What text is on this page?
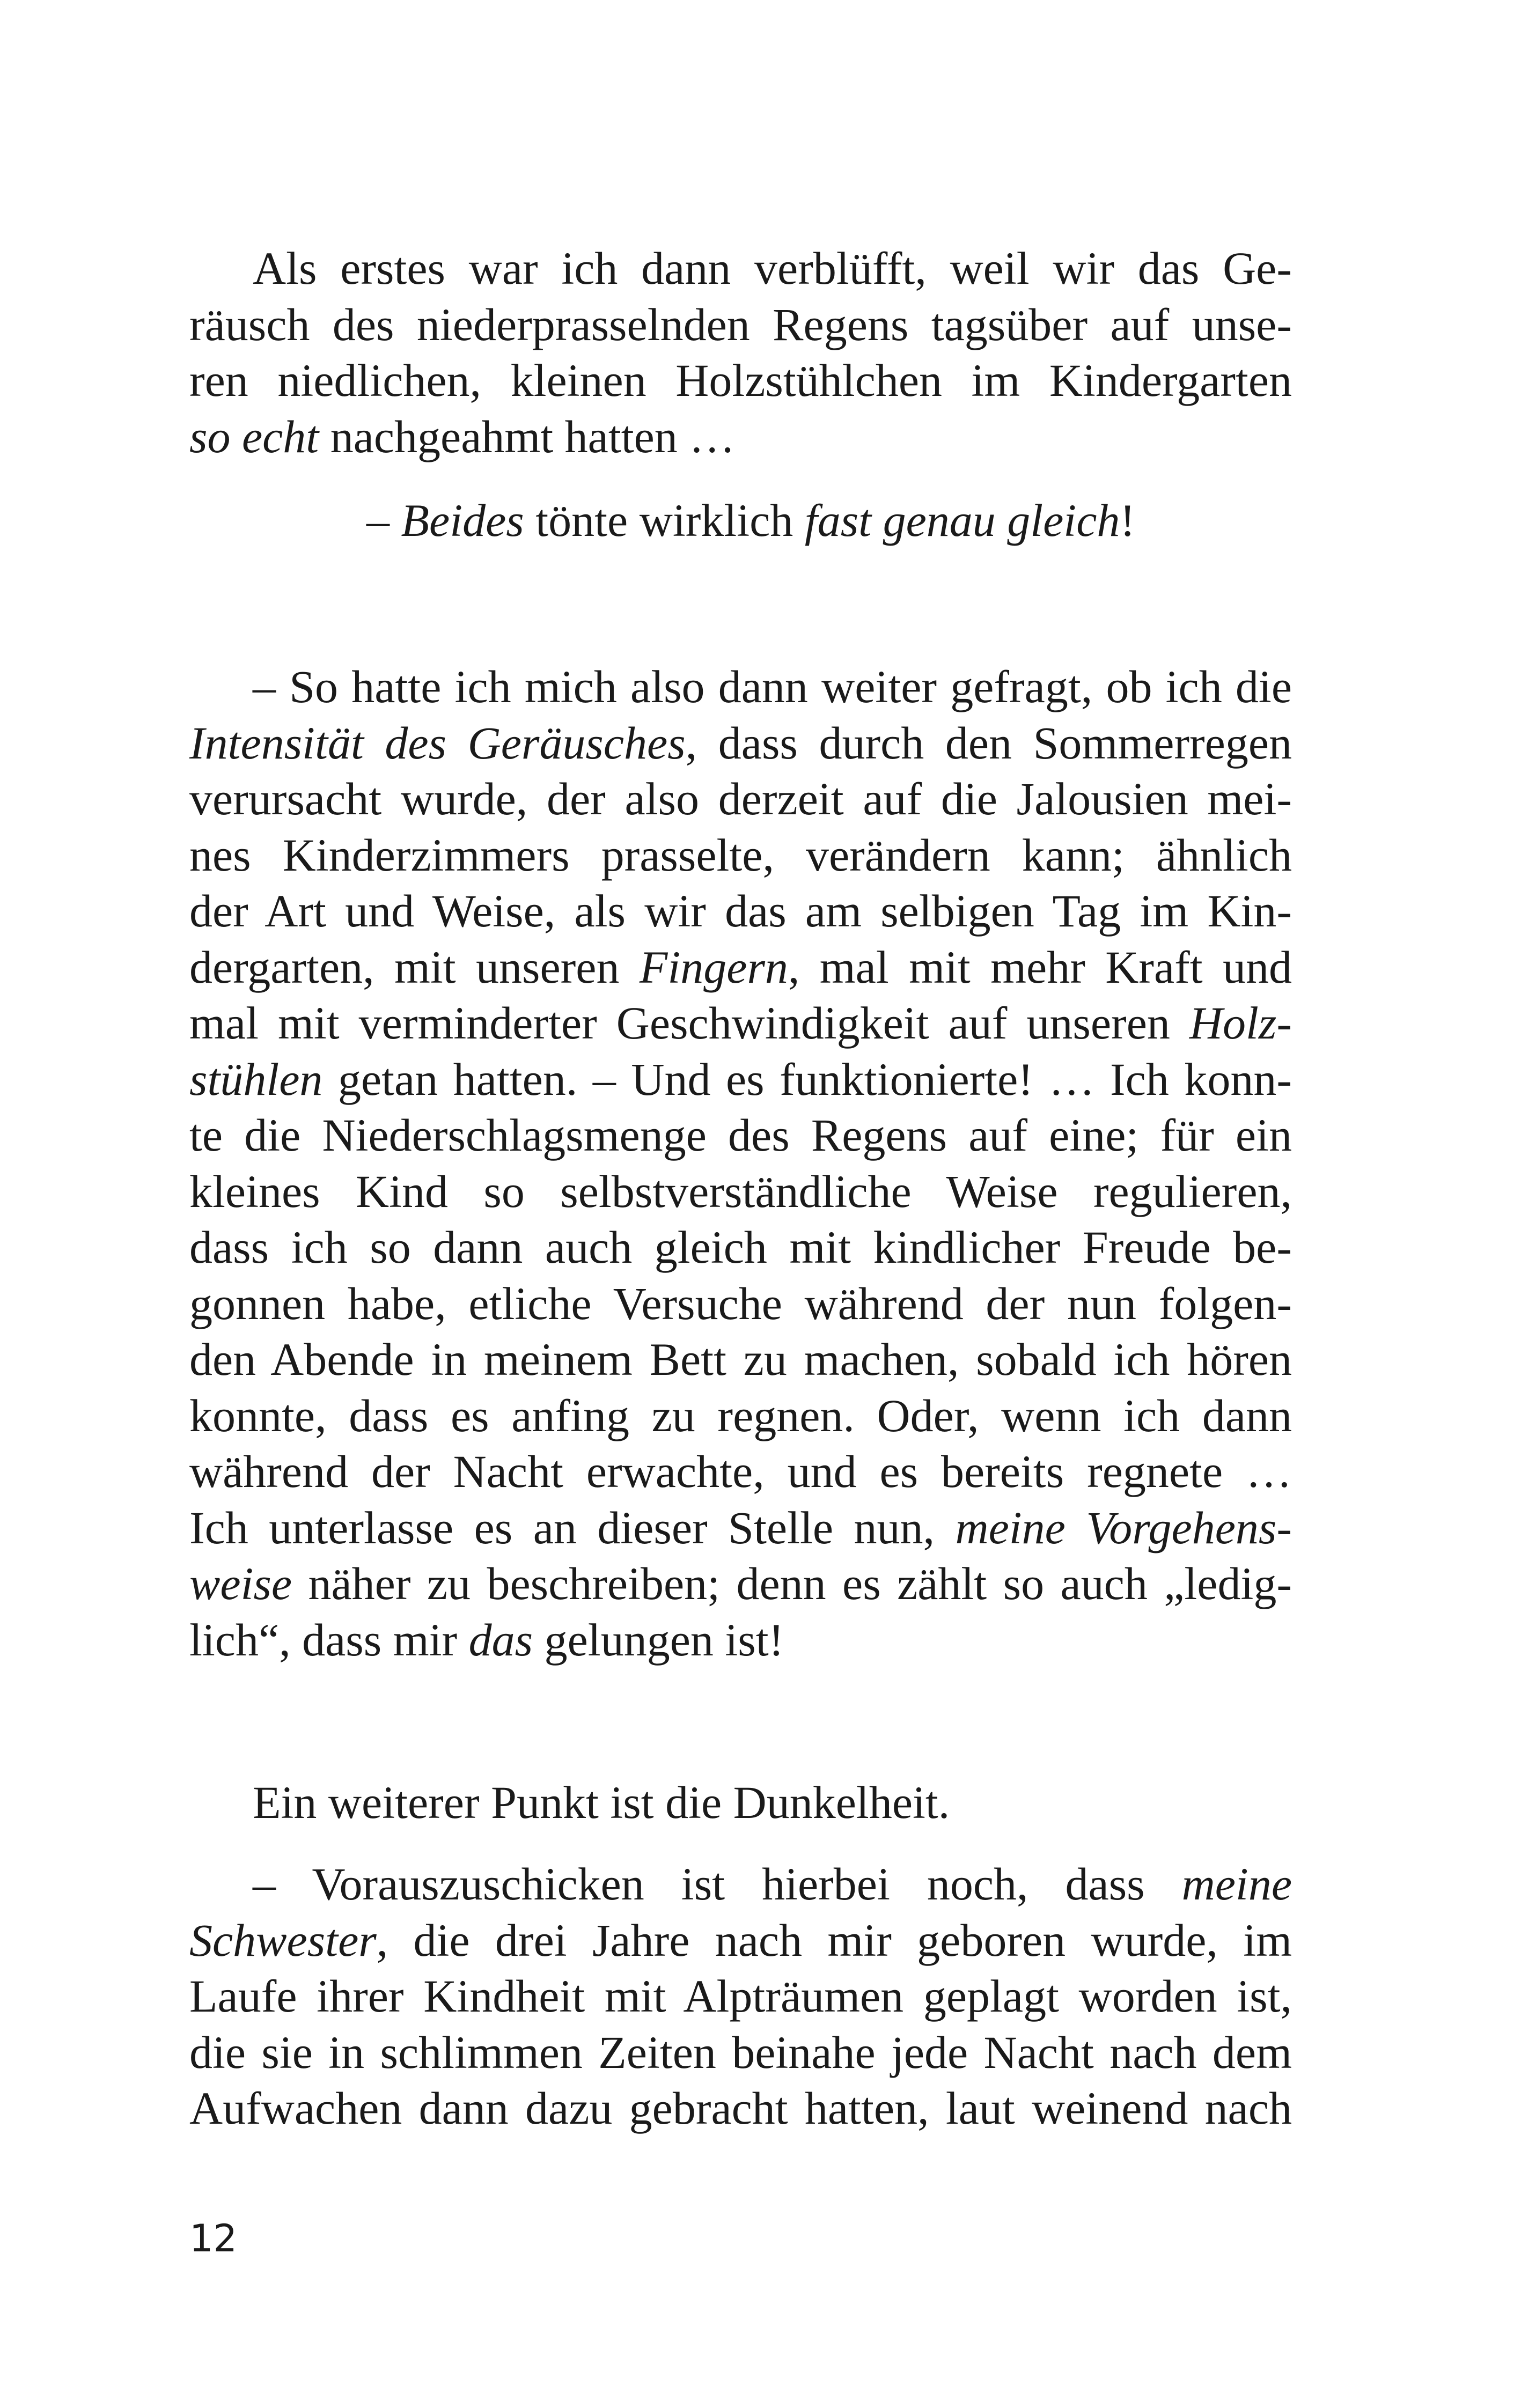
Als erstes war ich dann verblüfft, weil wir das Ge-
räusch des niederprasselnden Regens tagsüber auf unse-
ren niedlichen, kleinen Holzstühlchen im Kindergarten
so echt nachgeahmt hatten …
– Beides tönte wirklich fast genau gleich!
– So hatte ich mich also dann weiter gefragt, ob ich die
Intensität des Geräusches, dass durch den Sommerregen
verursacht wurde, der also derzeit auf die Jalousien mei-
nes Kinderzimmers prasselte, verändern kann; ähnlich
der Art und Weise, als wir das am selbigen Tag im Kin-
dergarten, mit unseren Fingern, mal mit mehr Kraft und
mal mit verminderter Geschwindigkeit auf unseren Holz-
stühlen getan hatten. – Und es funktionierte! … Ich konn-
te die Niederschlagsmenge des Regens auf eine; für ein
kleines Kind so selbstverständliche Weise regulieren,
dass ich so dann auch gleich mit kindlicher Freude be-
gonnen habe, etliche Versuche während der nun folgen-
den Abende in meinem Bett zu machen, sobald ich hören
konnte, dass es anfing zu regnen. Oder, wenn ich dann
während der Nacht erwachte, und es bereits regnete …
Ich unterlasse es an dieser Stelle nun, meine Vorgehens-
weise näher zu beschreiben; denn es zählt so auch „ledig-
lich“, dass mir das gelungen ist!
Ein weiterer Punkt ist die Dunkelheit.
– Vorauszuschicken ist hierbei noch, dass meine
Schwester, die drei Jahre nach mir geboren wurde, im
Laufe ihrer Kindheit mit Alpträumen geplagt worden ist,
die sie in schlimmen Zeiten beinahe jede Nacht nach dem
Aufwachen dann dazu gebracht hatten, laut weinend nach
12
